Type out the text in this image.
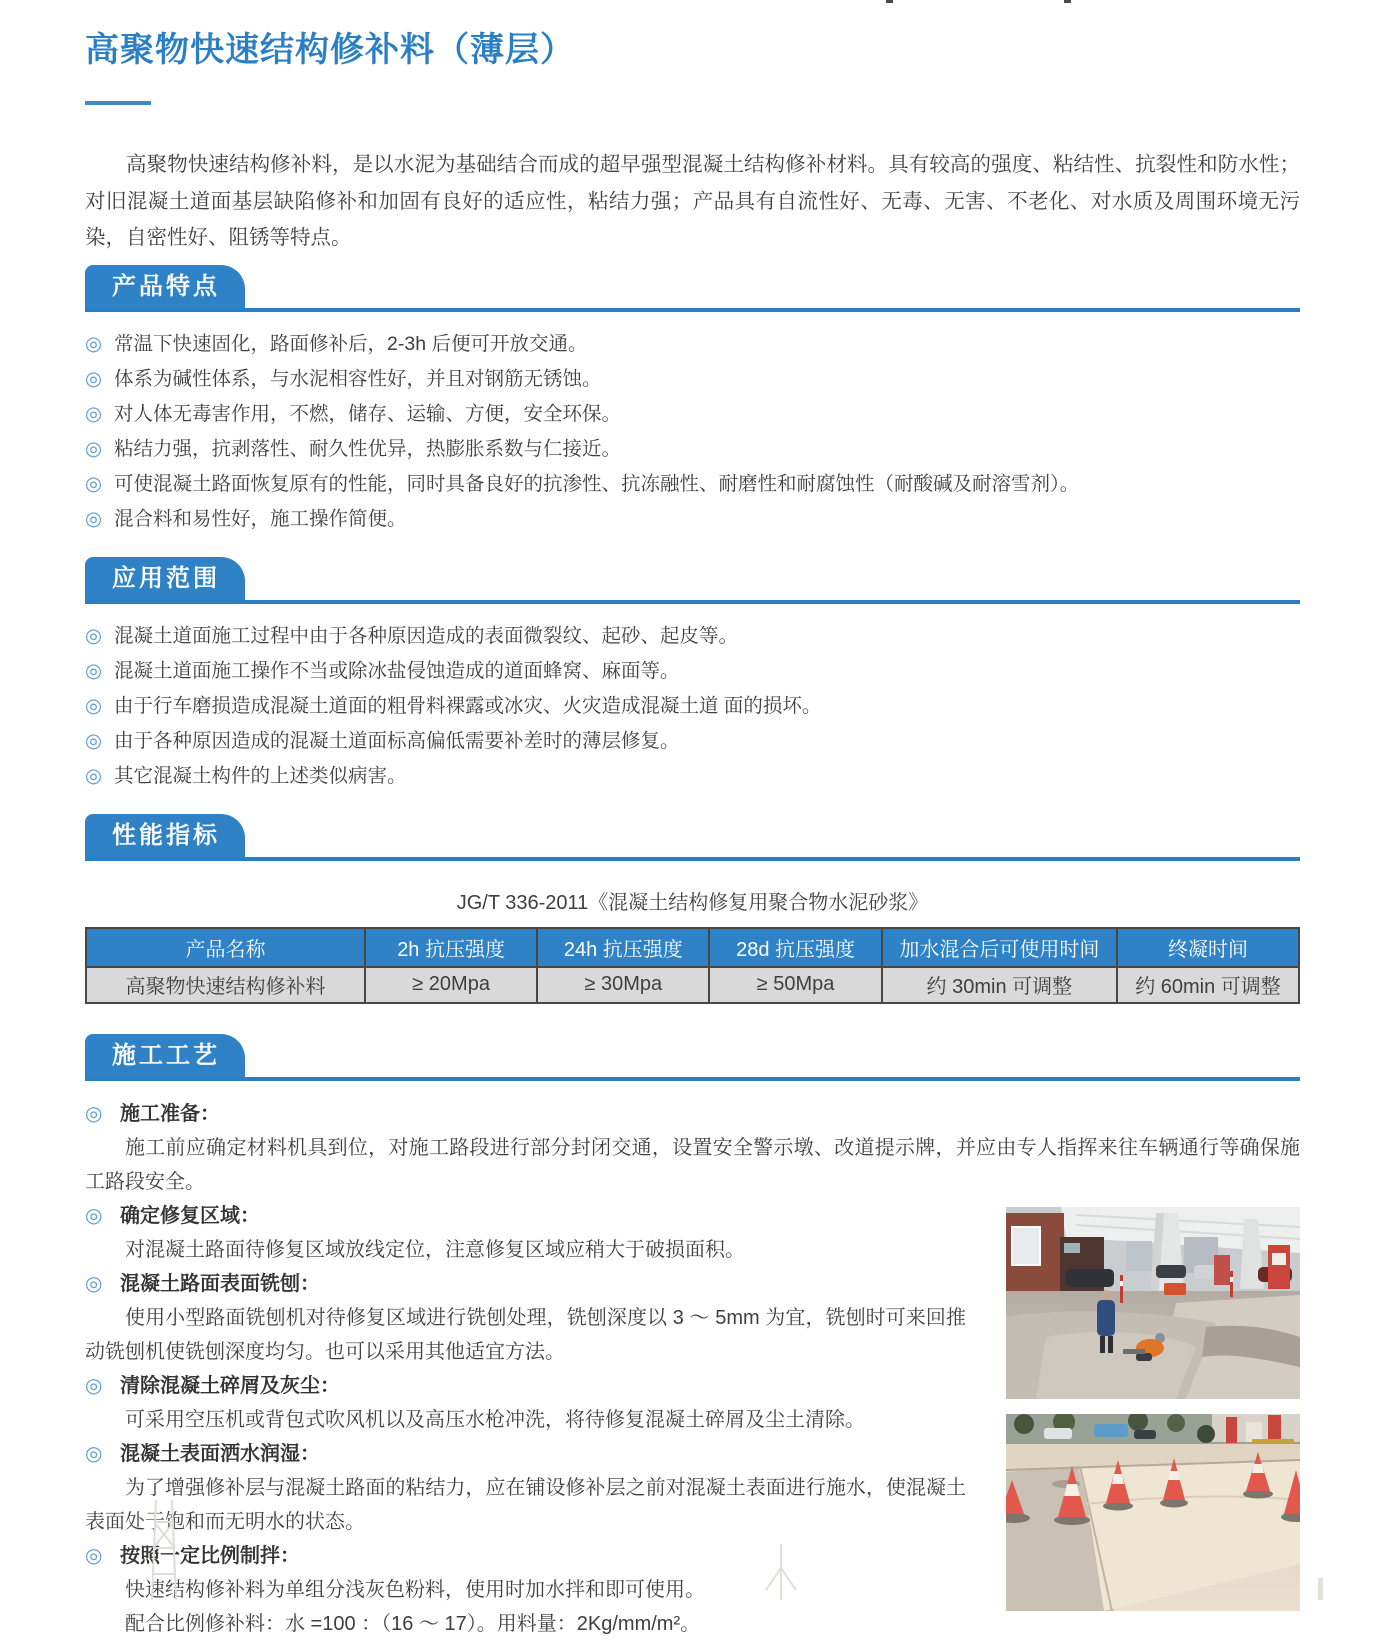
高聚物快速结构修补料（薄层）

高聚物快速结构修补料，是以水泥为基础结合而成的超早强型混凝土结构修补材料。具有较高的强度、粘结性、抗裂性和防水性；对旧混凝土道面基层缺陷修补和加固有良好的适应性，粘结力强；产品具有自流性好、无毒、无害、不老化、对水质及周围环境无污染，自密性好、阻锈等特点。

产品特点
◎ 常温下快速固化，路面修补后，2-3h 后便可开放交通。
◎ 体系为碱性体系，与水泥相容性好，并且对钢筋无锈蚀。
◎ 对人体无毒害作用，不燃，储存、运输、方便，安全环保。
◎ 粘结力强，抗剥落性、耐久性优异，热膨胀系数与仁接近。
◎ 可使混凝土路面恢复原有的性能，同时具备良好的抗渗性、抗冻融性、耐磨性和耐腐蚀性（耐酸碱及耐溶雪剂）。
◎ 混合料和易性好，施工操作简便。
应用范围
◎ 混凝土道面施工过程中由于各种原因造成的表面微裂纹、起砂、起皮等。
◎ 混凝土道面施工操作不当或除冰盐侵蚀造成的道面蜂窝、麻面等。
◎ 由于行车磨损造成混凝土道面的粗骨料裸露或冰灾、火灾造成混凝土道 面的损坏。
◎ 由于各种原因造成的混凝土道面标高偏低需要补差时的薄层修复。
◎ 其它混凝土构件的上述类似病害。
性能指标

JG/T 336-2011《混凝土结构修复用聚合物水泥砂浆》

产品名称	2h 抗压强度	24h 抗压强度	28d 抗压强度	加水混合后可使用时间	终凝时间
高聚物快速结构修补料	≥ 20Mpa	≥ 30Mpa	≥ 50Mpa	约 30min 可调整	约 60min 可调整
施工工艺

◎ 施工准备：

施工前应确定材料机具到位，对施工路段进行部分封闭交通，设置安全警示墩、改道提示牌，并应由专人指挥来往车辆通行等确保施工路段安全。

◎ 确定修复区域：

对混凝土路面待修复区域放线定位，注意修复区域应稍大于破损面积。

◎ 混凝土路面表面铣刨：

使用小型路面铣刨机对待修复区域进行铣刨处理，铣刨深度以 3 ～ 5mm 为宜，铣刨时可来回推动铣刨机使铣刨深度均匀。也可以采用其他适宜方法。

◎ 清除混凝土碎屑及灰尘：

可采用空压机或背包式吹风机以及高压水枪冲洗，将待修复混凝土碎屑及尘土清除。

◎ 混凝土表面洒水润湿：

为了增强修补层与混凝土路面的粘结力，应在铺设修补层之前对混凝土表面进行施水，使混凝土表面处于饱和而无明水的状态。

◎ 按照一定比例制拌：

快速结构修补料为单组分浅灰色粉料，使用时加水拌和即可使用。

配合比例修补料：水 =100 ：（16 ～ 17）。用料量：2Kg/mm/m²。
